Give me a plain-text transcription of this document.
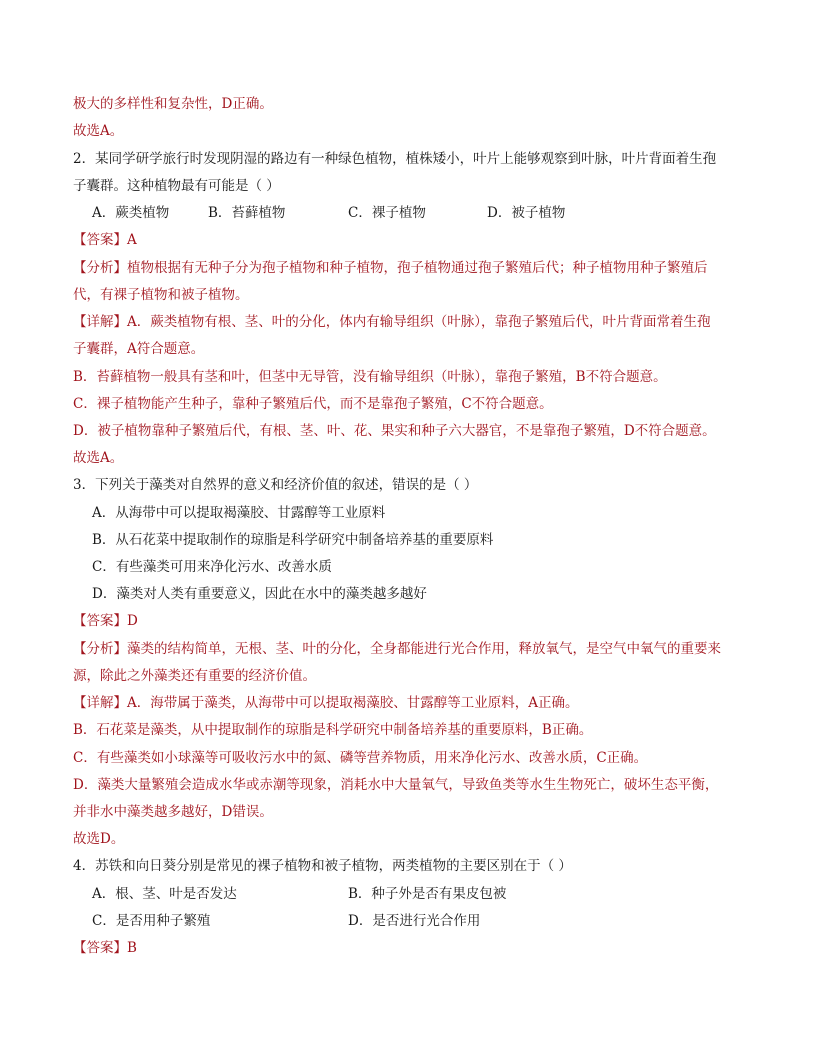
极大的多样性和复杂性，D正确。
故选A。
2．某同学研学旅行时发现阴湿的路边有一种绿色植物，植株矮小，叶片上能够观察到叶脉，叶片背面着生孢
子囊群。这种植物最有可能是（ ）
A．蕨类植物	B．苔藓植物	C．裸子植物	D．被子植物
【答案】A
【分析】植物根据有无种子分为孢子植物和种子植物，孢子植物通过孢子繁殖后代；种子植物用种子繁殖后
代，有裸子植物和被子植物。
【详解】A．蕨类植物有根、茎、叶的分化，体内有输导组织（叶脉），靠孢子繁殖后代，叶片背面常着生孢
子囊群，A符合题意。
B．苔藓植物一般具有茎和叶，但茎中无导管，没有输导组织（叶脉），靠孢子繁殖，B不符合题意。
C．裸子植物能产生种子，靠种子繁殖后代，而不是靠孢子繁殖，C不符合题意。
D．被子植物靠种子繁殖后代，有根、茎、叶、花、果实和种子六大器官，不是靠孢子繁殖，D不符合题意。
故选A。
3．下列关于藻类对自然界的意义和经济价值的叙述，错误的是（ ）
A．从海带中可以提取褐藻胶、甘露醇等工业原料
B．从石花菜中提取制作的琼脂是科学研究中制备培养基的重要原料
C．有些藻类可用来净化污水、改善水质
D．藻类对人类有重要意义，因此在水中的藻类越多越好
【答案】D
【分析】藻类的结构简单，无根、茎、叶的分化，全身都能进行光合作用，释放氧气，是空气中氧气的重要来
源，除此之外藻类还有重要的经济价值。
【详解】A．海带属于藻类，从海带中可以提取褐藻胶、甘露醇等工业原料，A正确。
B．石花菜是藻类，从中提取制作的琼脂是科学研究中制备培养基的重要原料，B正确。
C．有些藻类如小球藻等可吸收污水中的氮、磷等营养物质，用来净化污水、改善水质，C正确。
D．藻类大量繁殖会造成水华或赤潮等现象，消耗水中大量氧气，导致鱼类等水生生物死亡，破坏生态平衡，
并非水中藻类越多越好，D错误。
故选D。
4．苏铁和向日葵分别是常见的裸子植物和被子植物，两类植物的主要区别在于（ ）
A．根、茎、叶是否发达	B．种子外是否有果皮包被
C．是否用种子繁殖	D．是否进行光合作用
【答案】B
